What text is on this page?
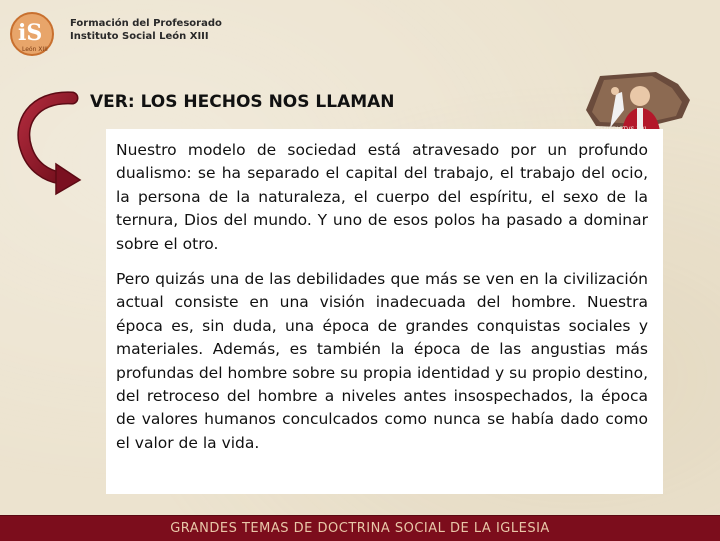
iS
León XIII
Formación del Profesorado
Instituto Social León XIII
VER: LOS HECHOS NOS LLAMAN

Nuestro modelo de sociedad está atravesado por un profundo dualismo: se ha separado el capital del trabajo, el trabajo del ocio, la persona de la naturaleza, el cuerpo del espíritu, el sexo de la ternura, Dios del mundo. Y uno de esos polos ha pasado a dominar sobre el otro.

Pero quizás una de las debilidades que más se ven en la civilización actual consiste en una visión inadecuada del hombre. Nuestra época es, sin duda, una época de grandes conquistas sociales y materiales. Además, es también la época de las angustias más profundas del hombre sobre su propia identidad y su propio destino, del retroceso del hombre a niveles antes insospechados, la época de valores humanos conculcados como nunca se había dado como el valor de la vida.

GRANDES TEMAS DE DOCTRINA SOCIAL DE LA IGLESIA
